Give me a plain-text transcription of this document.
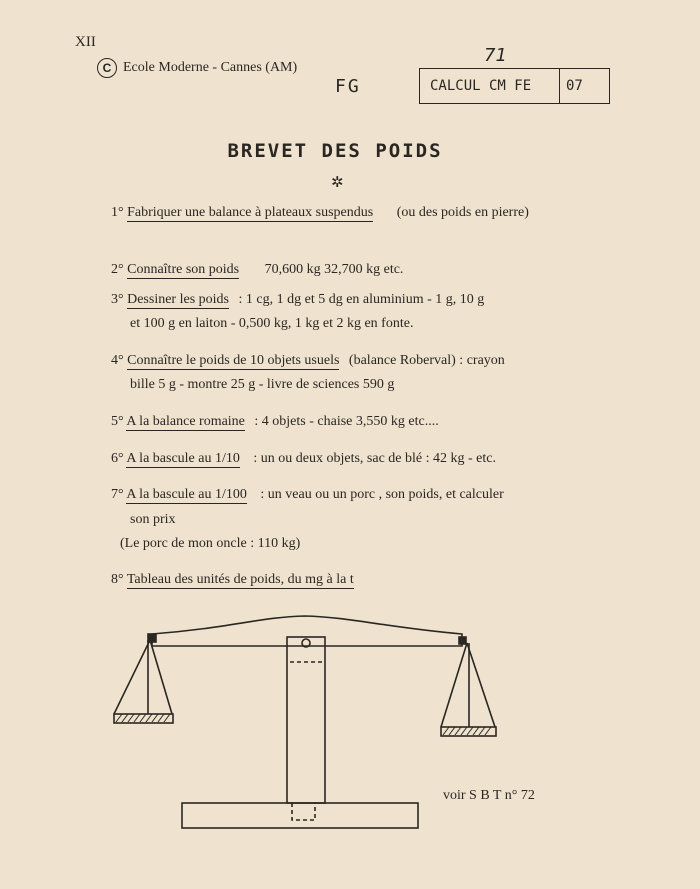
XII
C Ecole Moderne - Cannes (AM)
FG
71
CALCUL CM FE	07
BREVET DES POIDS
✲
1° Fabriquer une balance à plateaux suspendus (ou des poids en pierre)
2° Connaître son poids 70,600 kg 32,700 kg etc.
3° Dessiner les poids : 1 cg, 1 dg et 5 dg en aluminium - 1 g, 10 g
et 100 g en laiton - 0,500 kg, 1 kg et 2 kg en fonte.
4° Connaître le poids de 10 objets usuels (balance Roberval) : crayon
bille 5 g - montre 25 g - livre de sciences 590 g
5° A la balance romaine : 4 objets - chaise 3,550 kg etc....
6° A la bascule au 1/10 : un ou deux objets, sac de blé : 42 kg - etc.
7° A la bascule au 1/100 : un veau ou un porc , son poids, et calculer
son prix
(Le porc de mon oncle : 110 kg)
8° Tableau des unités de poids, du mg à la t
voir S B T n° 72
